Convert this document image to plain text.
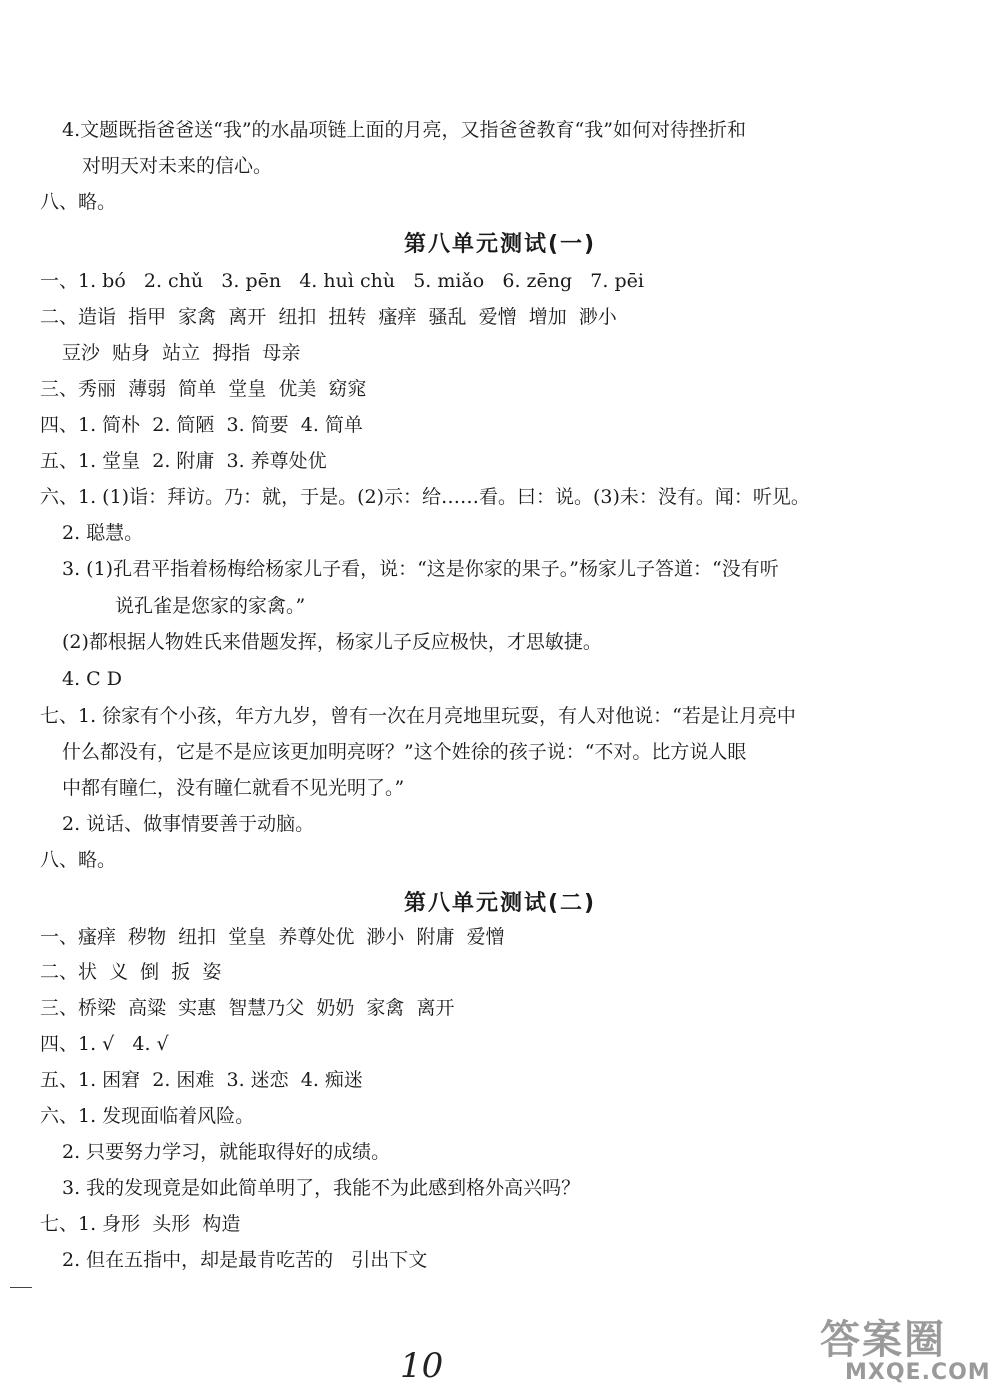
4.文题既指爸爸送“我”的水晶项链上面的月亮，又指爸爸教育“我”如何对待挫折和
对明天对未来的信心。
八、略。
第八单元测试(一)
一、1. bó   2. chǔ   3. pēn   4. huì chù   5. miǎo   6. zēng   7. pēi
二、造诣  指甲  家禽  离开  纽扣  扭转  瘙痒  骚乱  爱憎  增加  渺小
豆沙  贴身  站立  拇指  母亲
三、秀丽  薄弱  简单  堂皇  优美  窈窕
四、1. 简朴  2. 简陋  3. 简要  4. 简单
五、1. 堂皇  2. 附庸  3. 养尊处优
六、1. (1)诣：拜访。乃：就，于是。(2)示：给……看。曰：说。(3)未：没有。闻：听见。
2. 聪慧。
3. (1)孔君平指着杨梅给杨家儿子看，说：“这是你家的果子。”杨家儿子答道：“没有听
说孔雀是您家的家禽。”
(2)都根据人物姓氏来借题发挥，杨家儿子反应极快，才思敏捷。
4. C D
七、1. 徐家有个小孩，年方九岁，曾有一次在月亮地里玩耍，有人对他说：“若是让月亮中
什么都没有，它是不是应该更加明亮呀？”这个姓徐的孩子说：“不对。比方说人眼
中都有瞳仁，没有瞳仁就看不见光明了。”
2. 说话、做事情要善于动脑。
八、略。
第八单元测试(二)
一、瘙痒  秽物  纽扣  堂皇  养尊处优  渺小  附庸  爱憎
二、状  义  倒  扳  姿
三、桥梁  高粱  实惠  智慧乃父  奶奶  家禽  离开
四、1. √   4. √
五、1. 困窘  2. 困难  3. 迷恋  4. 痴迷
六、1. 发现面临着风险。
2. 只要努力学习，就能取得好的成绩。
3. 我的发现竟是如此简单明了，我能不为此感到格外高兴吗？
七、1. 身形  头形  构造
2. 但在五指中，却是最肯吃苦的   引出下文
10
答案圈
MXQE.COM
